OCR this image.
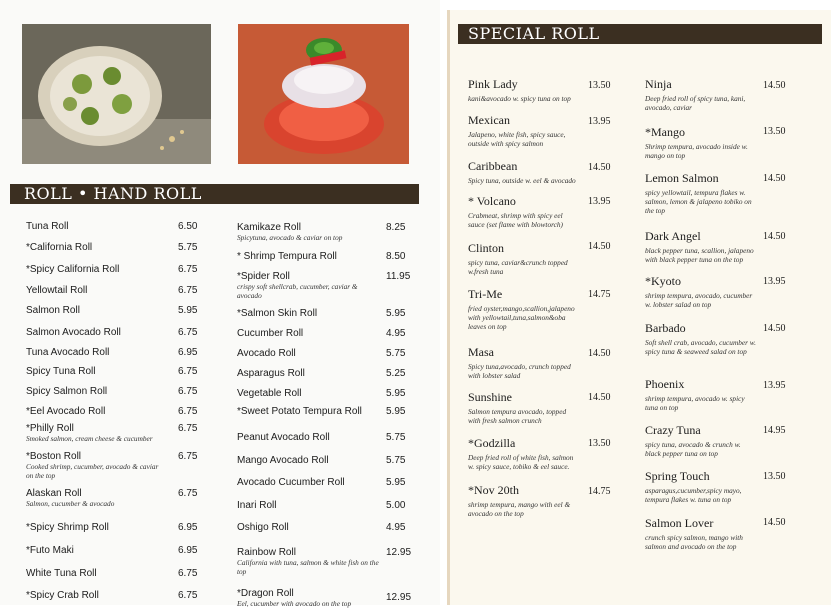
ROLL • HAND ROLL
Tuna Roll	6.50
*California Roll	5.75
*Spicy California Roll	6.75
Yellowtail Roll	6.75
Salmon Roll	5.95
Salmon Avocado Roll	6.75
Tuna Avocado Roll	6.95
Spicy Tuna Roll	6.75
Spicy Salmon Roll	6.75
*Eel Avocado Roll	6.75
*Philly Roll
Smoked salmon, cream cheese & cucumber
6.75
*Boston Roll
Cooked shrimp, cucumber, avocado & caviar on the top
6.75
Alaskan Roll
Salmon, cucumber & avocado
6.75
*Spicy Shrimp Roll	6.95
*Futo Maki	6.95
White Tuna Roll	6.75
*Spicy Crab Roll	6.75
Kamikaze Roll
Spicytuna, avocado & caviar on top
8.25
* Shrimp Tempura Roll	8.50
*Spider Roll
crispy soft shellcrab, cucumber, caviar & avocado
11.95
*Salmon Skin Roll	5.95
Cucumber Roll	4.95
Avocado Roll	5.75
Asparagus Roll	5.25
Vegetable Roll	5.95
*Sweet Potato Tempura Roll	5.95
Peanut Avocado Roll	5.75
Mango Avocado Roll	5.75
Avocado Cucumber Roll	5.95
Inari Roll	5.00
Oshigo Roll	4.95
Rainbow Roll
California with tuna, salmon & white fish on the top
12.95
*Dragon Roll
Eel, cucumber with avocado on the top
12.95
SPECIAL ROLL
Pink Lady
kani&avocado w. spicy tuna on top
13.50
Mexican
Jalapeno, white fish, spicy sauce, outside with spicy salmon
13.95
Caribbean
Spicy tuna, outside w. eel & avocado
14.50
* Volcano
Crabmeat, shrimp with spicy eel sauce (set flame with blowtorch)
13.95
Clinton
spicy tuna, caviar&crunch topped w.fresh tuna
14.50
Tri-Me
fried oyster,mango,scallion,jalapeno with yellowtail,tuna,salmon&oba leaves on top
14.75
Masa
Spicy tuna,avocado, crunch topped with lobster salad
14.50
Sunshine
Salmon tempura avocado, topped with fresh salmon crunch
14.50
*Godzilla
Deep fried roll of white fish, salmon w. spicy sauce, tobiko & eel sauce.
13.50
*Nov 20th
shrimp tempura, mango with eel & avocado on the top
14.75
Ninja
Deep fried roll of spicy tuna, kani, avocado, caviar
14.50
*Mango
Shrimp tempura, avocado inside w. mango on top
13.50
Lemon Salmon
spicy yellowtail, tempura flakes w. salmon, lemon & jalapeno tobiko on the top
14.50
Dark Angel
black pepper tuna, scallion, jalapeno with black pepper tuna on the top
14.50
*Kyoto
shrimp tempura, avocado, cucumber w. lobster salad on top
13.95
Barbado
Soft shell crab, avocado, cucumber w. spicy tuna & seaweed salad on top
14.50
Phoenix
shrimp tempura, avocado w. spicy tuna on top
13.95
Crazy Tuna
spicy tuna, avocado & crunch w. black pepper tuna on top
14.95
Spring Touch
asparagus,cucumber,spicy mayo, tempura flakes w. tuna on top
13.50
Salmon Lover
crunch spicy salmon, mango with salmon and avocado on the top
14.50
